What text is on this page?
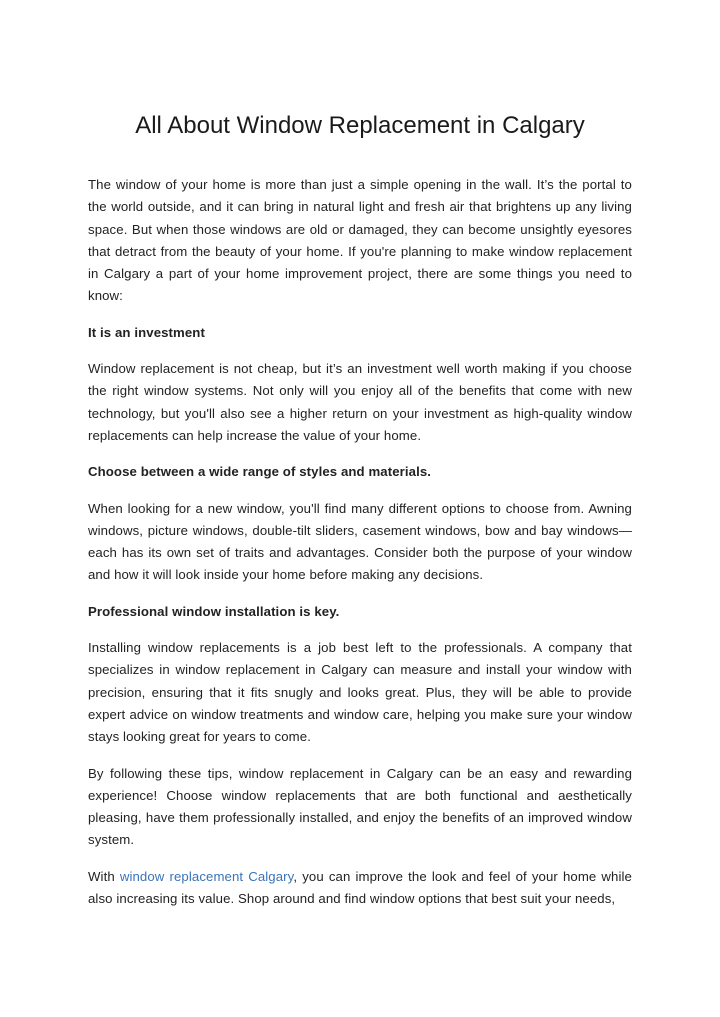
All About Window Replacement in Calgary

The window of your home is more than just a simple opening in the wall. It’s the portal to the world outside, and it can bring in natural light and fresh air that brightens up any living space. But when those windows are old or damaged, they can become unsightly eyesores that detract from the beauty of your home. If you're planning to make window replacement in Calgary a part of your home improvement project, there are some things you need to know:

It is an investment

Window replacement is not cheap, but it’s an investment well worth making if you choose the right window systems. Not only will you enjoy all of the benefits that come with new technology, but you'll also see a higher return on your investment as high-quality window replacements can help increase the value of your home.

Choose between a wide range of styles and materials.

When looking for a new window, you'll find many different options to choose from. Awning windows, picture windows, double-tilt sliders, casement windows, bow and bay windows—each has its own set of traits and advantages. Consider both the purpose of your window and how it will look inside your home before making any decisions.

Professional window installation is key.

Installing window replacements is a job best left to the professionals. A company that specializes in window replacement in Calgary can measure and install your window with precision, ensuring that it fits snugly and looks great. Plus, they will be able to provide expert advice on window treatments and window care, helping you make sure your window stays looking great for years to come.

By following these tips, window replacement in Calgary can be an easy and rewarding experience! Choose window replacements that are both functional and aesthetically pleasing, have them professionally installed, and enjoy the benefits of an improved window system.

With window replacement Calgary, you can improve the look and feel of your home while also increasing its value. Shop around and find window options that best suit your needs,
